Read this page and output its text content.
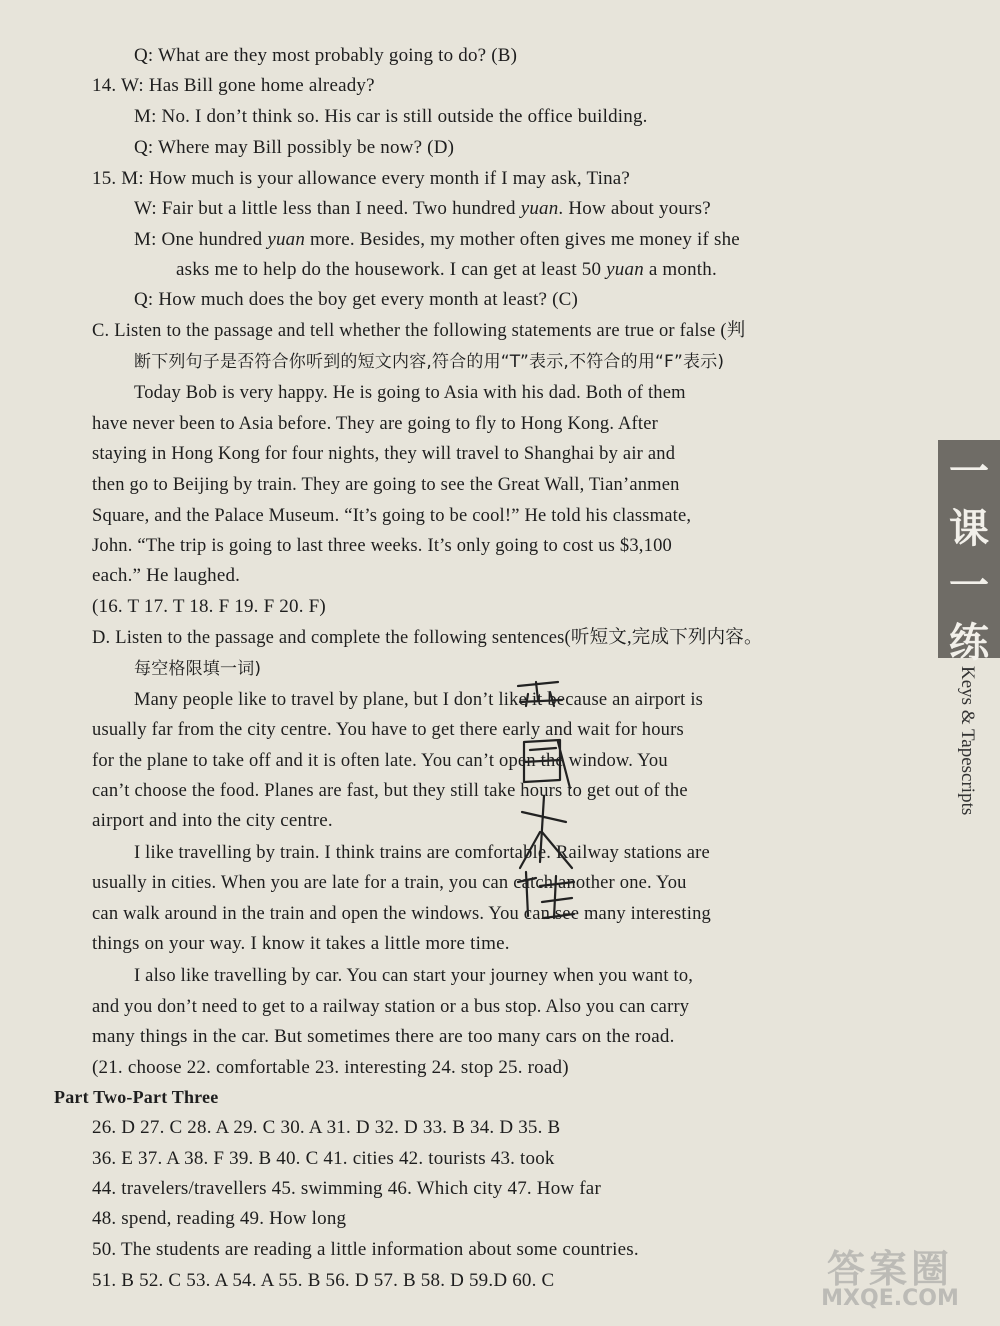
Q: What are they most probably going to do? (B)
14. W: Has Bill gone home already?
M: No. I don’t think so. His car is still outside the office building.
Q: Where may Bill possibly be now? (D)
15. M: How much is your allowance every month if I may ask, Tina?
W: Fair but a little less than I need. Two hundred yuan. How about yours?
M: One hundred yuan more. Besides, my mother often gives me money if she
asks me to help do the housework. I can get at least 50 yuan a month.
Q: How much does the boy get every month at least? (C)
C. Listen to the passage and tell whether the following statements are true or false (判
断下列句子是否符合你听到的短文内容,符合的用“T”表示,不符合的用“F”表示)
Today Bob is very happy. He is going to Asia with his dad. Both of them
have never been to Asia before. They are going to fly to Hong Kong. After
staying in Hong Kong for four nights, they will travel to Shanghai by air and
then go to Beijing by train. They are going to see the Great Wall, Tian’anmen
Square, and the Palace Museum. “It’s going to be cool!” He told his classmate,
John. “The trip is going to last three weeks. It’s only going to cost us $3,100
each.” He laughed.
(16. T 17. T 18. F 19. F 20. F)
D. Listen to the passage and complete the following sentences(听短文,完成下列内容。
每空格限填一词)
Many people like to travel by plane, but I don’t like it because an airport is
usually far from the city centre. You have to get there early and wait for hours
for the plane to take off and it is often late. You can’t open the window. You
can’t choose the food. Planes are fast, but they still take hours to get out of the
airport and into the city centre.
I like travelling by train. I think trains are comfortable. Railway stations are
usually in cities. When you are late for a train, you can catch another one. You
can walk around in the train and open the windows. You can see many interesting
things on your way. I know it takes a little more time.
I also like travelling by car. You can start your journey when you want to,
and you don’t need to get to a railway station or a bus stop. Also you can carry
many things in the car. But sometimes there are too many cars on the road.
(21. choose 22. comfortable 23. interesting 24. stop 25. road)
Part Two-Part Three
26. D 27. C 28. A 29. C 30. A 31. D 32. D 33. B 34. D 35. B
36. E 37. A 38. F 39. B 40. C 41. cities 42. tourists 43. took
44. travelers/travellers 45. swimming 46. Which city 47. How far
48. spend, reading 49. How long
50. The students are reading a little information about some countries.
51. B 52. C 53. A 54. A 55. B 56. D 57. B 58. D 59.D 60. C
一
课
一
练
Keys & Tapescripts
答案圈
MXQE.COM
